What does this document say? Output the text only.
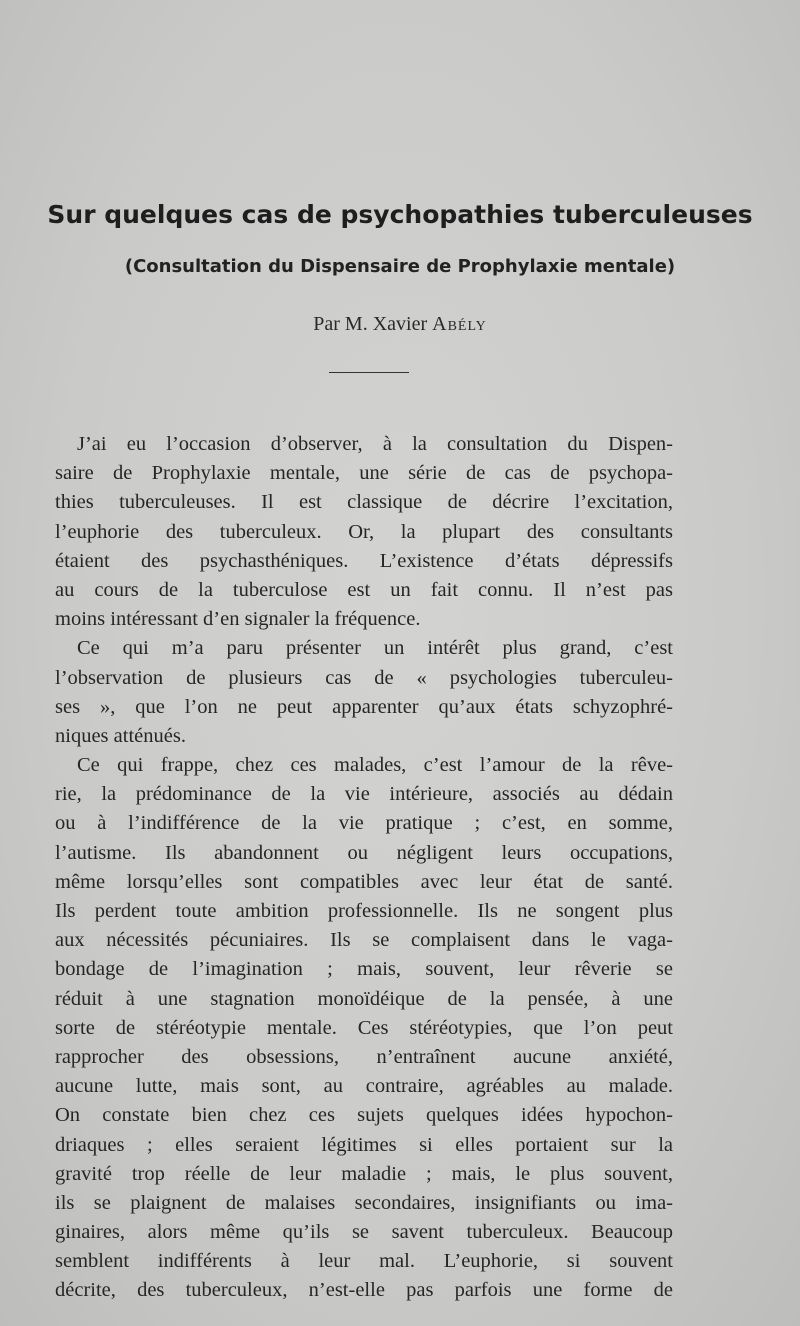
Sur quelques cas de psychopathies tuberculeuses
(Consultation du Dispensaire de Prophylaxie mentale)
Par M. Xavier Abély

J’ai eu l’occasion d’observer, à la consultation du Dispen-
saire de Prophylaxie mentale, une série de cas de psychopa-
thies tuberculeuses. Il est classique de décrire l’excitation,
l’euphorie des tuberculeux. Or, la plupart des consultants
étaient des psychasthéniques. L’existence d’états dépressifs
au cours de la tuberculose est un fait connu. Il n’est pas
moins intéressant d’en signaler la fréquence.

Ce qui m’a paru présenter un intérêt plus grand, c’est
l’observation de plusieurs cas de « psychologies tuberculeu-
ses », que l’on ne peut apparenter qu’aux états schyzophré-
niques atténués.

Ce qui frappe, chez ces malades, c’est l’amour de la rêve-
rie, la prédominance de la vie intérieure, associés au dédain
ou à l’indifférence de la vie pratique ; c’est, en somme,
l’autisme. Ils abandonnent ou négligent leurs occupations,
même lorsqu’elles sont compatibles avec leur état de santé.
Ils perdent toute ambition professionnelle. Ils ne songent plus
aux nécessités pécuniaires. Ils se complaisent dans le vaga-
bondage de l’imagination ; mais, souvent, leur rêverie se
réduit à une stagnation monoïdéique de la pensée, à une
sorte de stéréotypie mentale. Ces stéréotypies, que l’on peut
rapprocher des obsessions, n’entraînent aucune anxiété,
aucune lutte, mais sont, au contraire, agréables au malade.
On constate bien chez ces sujets quelques idées hypochon-
driaques ; elles seraient légitimes si elles portaient sur la
gravité trop réelle de leur maladie ; mais, le plus souvent,
ils se plaignent de malaises secondaires, insignifiants ou ima-
ginaires, alors même qu’ils se savent tuberculeux. Beaucoup
semblent indifférents à leur mal. L’euphorie, si souvent
décrite, des tuberculeux, n’est-elle pas parfois une forme de
